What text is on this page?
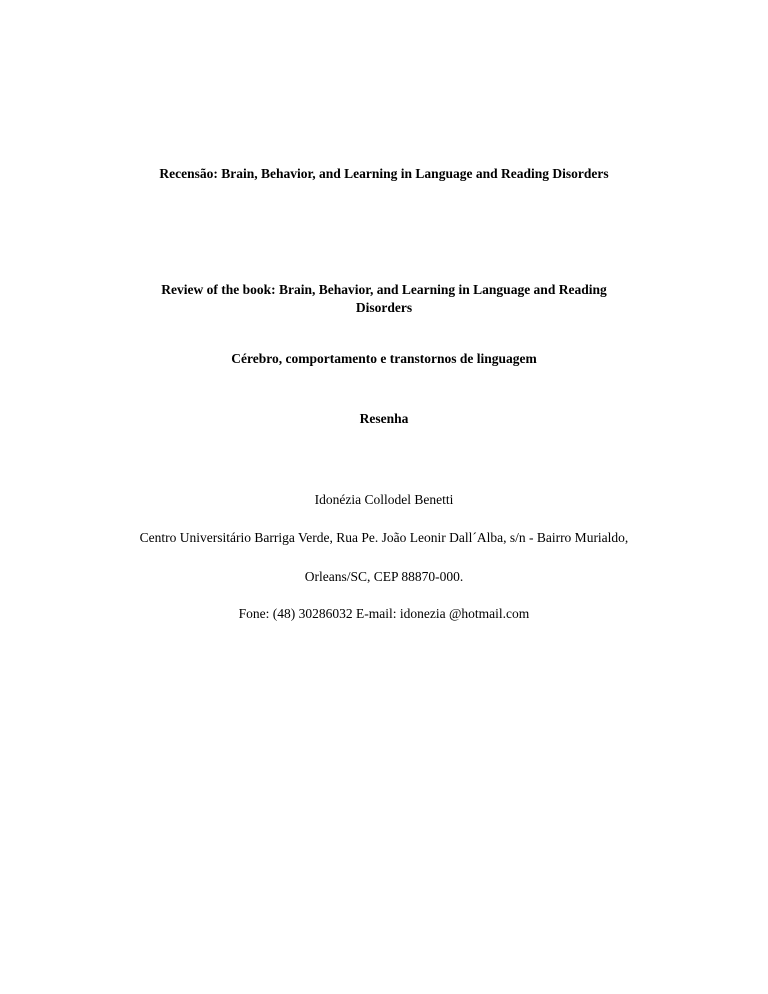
Recensão: Brain, Behavior, and Learning in Language and Reading Disorders
Review of the book: Brain, Behavior, and Learning in Language and Reading
Disorders
Cérebro, comportamento e transtornos de linguagem
Resenha
Idonézia Collodel Benetti
Centro Universitário Barriga Verde, Rua Pe. João Leonir Dall´Alba, s/n - Bairro Murialdo,
Orleans/SC, CEP 88870-000.
Fone: (48) 30286032 E-mail: idonezia @hotmail.com
